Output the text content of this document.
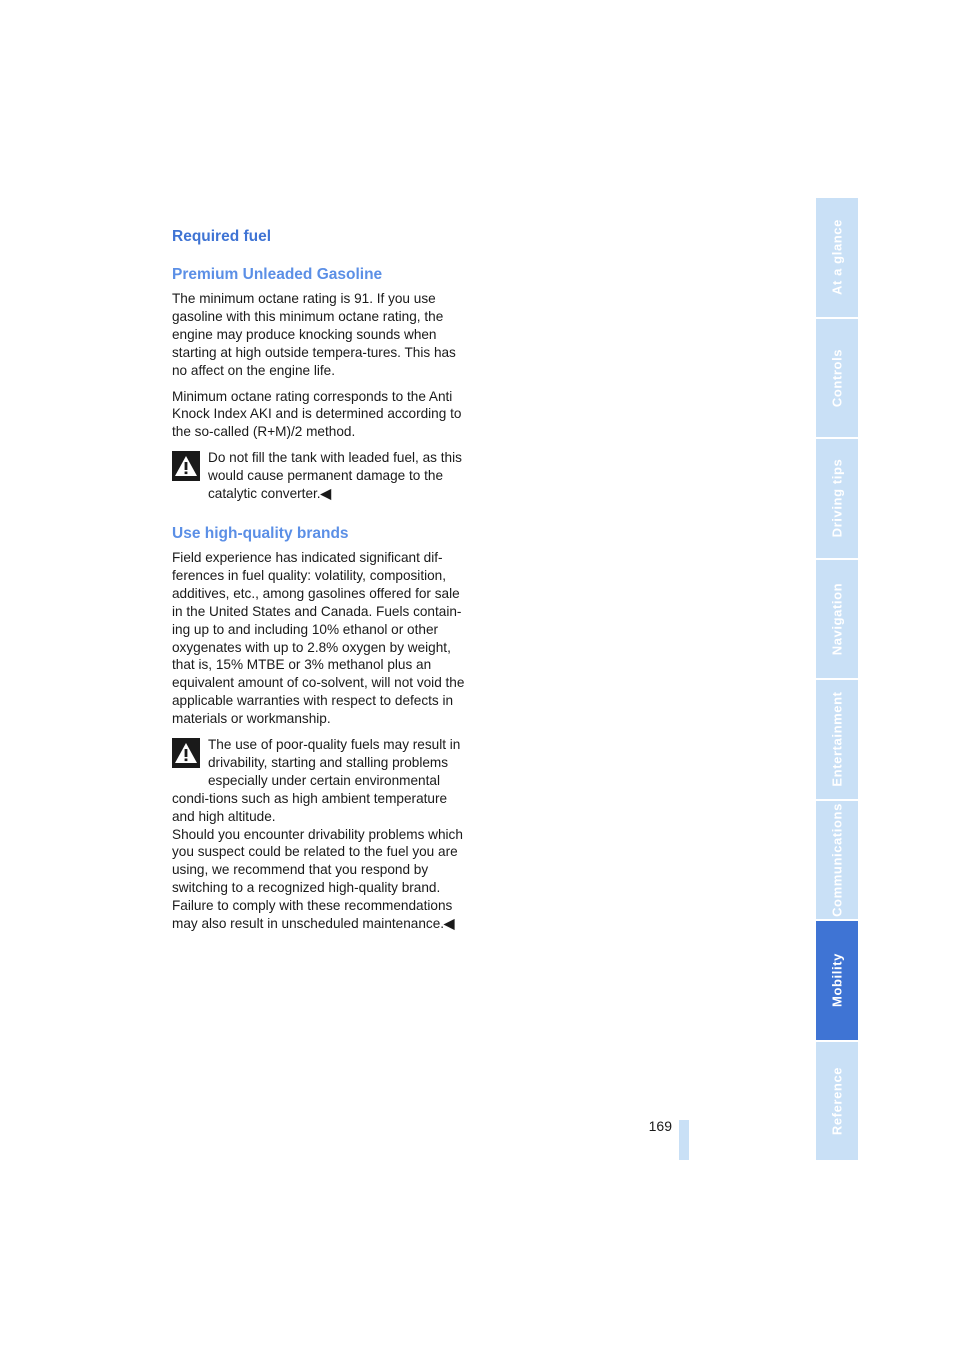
Required fuel
Premium Unleaded Gasoline

The minimum octane rating is 91. If you use gasoline with this minimum octane rating, the engine may produce knocking sounds when starting at high outside tempera-tures. This has no affect on the engine life.

Minimum octane rating corresponds to the Anti Knock Index AKI and is determined according to the so-called (R+M)/2 method.

Do not fill the tank with leaded fuel, as this would cause permanent damage to the catalytic converter.◀

Use high-quality brands

Field experience has indicated significant dif-ferences in fuel quality: volatility, composition, additives, etc., among gasolines offered for sale in the United States and Canada. Fuels contain-ing up to and including 10% ethanol or other oxygenates with up to 2.8% oxygen by weight, that is, 15% MTBE or 3% methanol plus an equivalent amount of co-solvent, will not void the applicable warranties with respect to defects in materials or workmanship.

The use of poor-quality fuels may result in drivability, starting and stalling problems especially under certain environmental condi-tions such as high ambient temperature and high altitude.

Should you encounter drivability problems which you suspect could be related to the fuel you are using, we recommend that you respond by switching to a recognized high-quality brand.

Failure to comply with these recommendations may also result in unscheduled maintenance.◀

169
At a glance
Controls
Driving tips
Navigation
Entertainment
Communications
Mobility
Reference
